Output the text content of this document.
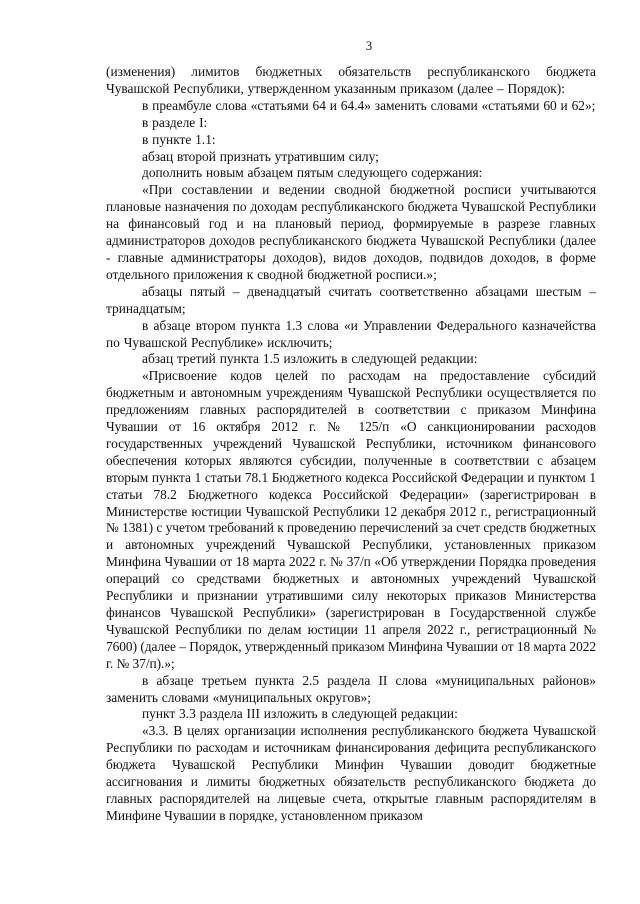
3

(изменения) лимитов бюджетных обязательств республиканского бюджета Чувашской Республики, утвержденном указанным приказом (далее – Порядок):

в преамбуле слова «статьями 64 и 64.4» заменить словами «статьями 60 и 62»;

в разделе I:

в пункте 1.1:

абзац второй признать утратившим силу;

дополнить новым абзацем пятым следующего содержания:

«При составлении и ведении сводной бюджетной росписи учитываются плановые назначения по доходам республиканского бюджета Чувашской Республики на финансовый год и на плановый период, формируемые в разрезе главных администраторов доходов республиканского бюджета Чувашской Республики (далее - главные администраторы доходов), видов доходов, подвидов доходов, в форме отдельного приложения к сводной бюджетной росписи.»;

абзацы пятый – двенадцатый считать соответственно абзацами шестым – тринадцатым;

в абзаце втором пункта 1.3 слова «и Управлении Федерального казначейства по Чувашской Республике» исключить;

абзац третий пункта 1.5 изложить в следующей редакции:

«Присвоение кодов целей по расходам на предоставление субсидий бюджетным и автономным учреждениям Чувашской Республики осуществляется по предложениям главных распорядителей в соответствии с приказом Минфина Чувашии от 16 октября 2012 г. № 125/п «О санкционировании расходов государственных учреждений Чувашской Республики, источником финансового обеспечения которых являются субсидии, полученные в соответствии с абзацем вторым пункта 1 статьи 78.1 Бюджетного кодекса Российской Федерации и пунктом 1 статьи 78.2 Бюджетного кодекса Российской Федерации» (зарегистрирован в Министерстве юстиции Чувашской Республики 12 декабря 2012 г., регистрационный № 1381) с учетом требований к проведению перечислений за счет средств бюджетных и автономных учреждений Чувашской Республики, установленных приказом Минфина Чувашии от 18 марта 2022 г. № 37/п «Об утверждении Порядка проведения операций со средствами бюджетных и автономных учреждений Чувашской Республики и признании утратившими силу некоторых приказов Министерства финансов Чувашской Республики» (зарегистрирован в Государственной службе Чувашской Республики по делам юстиции 11 апреля 2022 г., регистрационный № 7600) (далее – Порядок, утвержденный приказом Минфина Чувашии от 18 марта 2022 г. № 37/п).»;

в абзаце третьем пункта 2.5 раздела II слова «муниципальных районов» заменить словами «муниципальных округов»;

пункт 3.3 раздела III изложить в следующей редакции:

«3.3. В целях организации исполнения республиканского бюджета Чувашской Республики по расходам и источникам финансирования дефицита республиканского бюджета Чувашской Республики Минфин Чувашии доводит бюджетные ассигнования и лимиты бюджетных обязательств республиканского бюджета до главных распорядителей на лицевые счета, открытые главным распорядителям в Минфине Чувашии в порядке, установленном приказом
